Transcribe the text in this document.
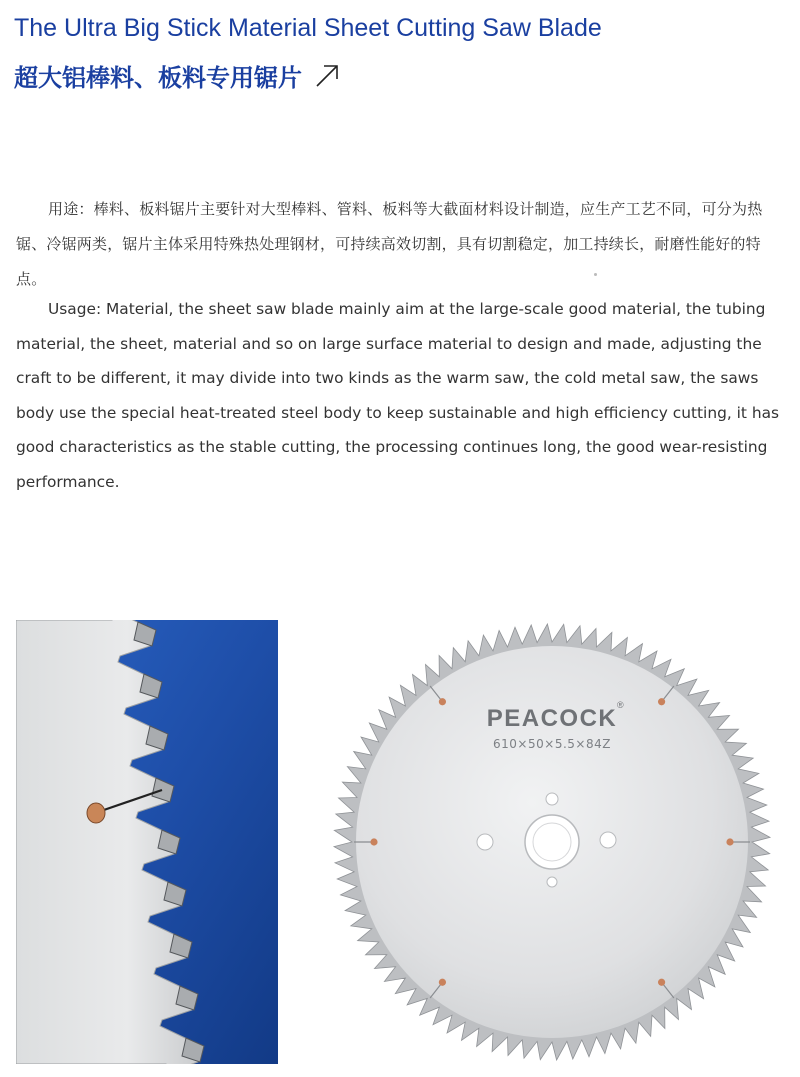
The Ultra Big Stick Material Sheet Cutting Saw Blade
超大铝棒料、板料专用锯片

用途：棒料、板料锯片主要针对大型棒料、管料、板料等大截面材料设计制造，应生产工艺不同，可分为热锯、冷锯两类，锯片主体采用特殊热处理钢材，可持续高效切割，具有切割稳定，加工持续长，耐磨性能好的特点。

Usage: Material, the sheet saw blade mainly aim at the large-scale good material, the tubing material, the sheet, material and so on large surface material to design and made, adjusting the craft to be different, it may divide into two kinds as the warm saw, the cold metal saw, the saws body use the special heat-treated steel body to keep sustainable and high efficiency cutting, it has good characteristics as the stable cutting, the processing continues long, the good wear-resisting performance.

PEACOCK ®
610×50×5.5×84Z
